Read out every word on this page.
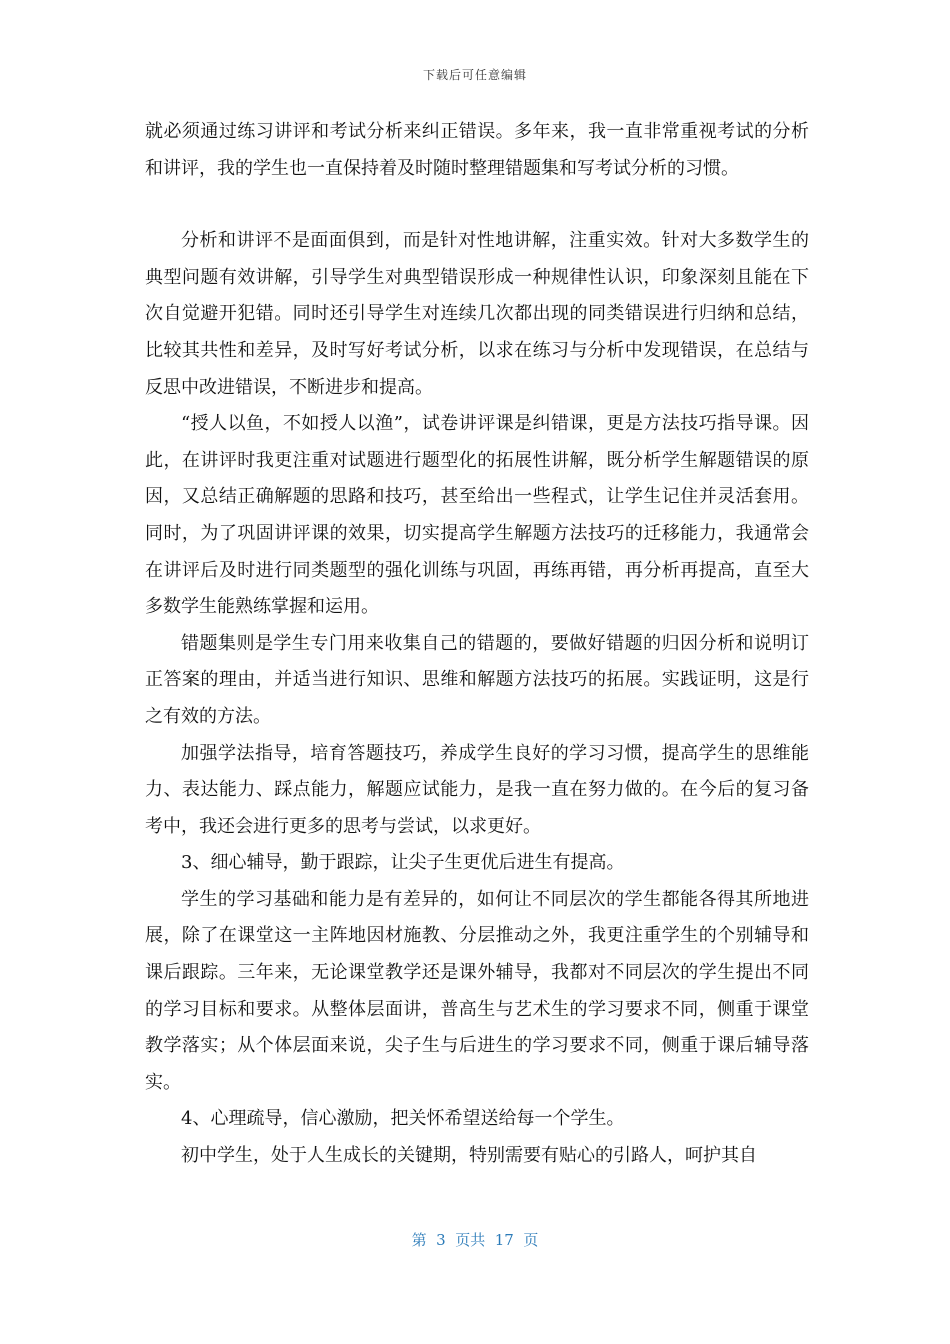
下载后可任意编辑

就必须通过练习讲评和考试分析来纠正错误。多年来，我一直非常重视考试的分析和讲评，我的学生也一直保持着及时随时整理错题集和写考试分析的习惯。

分析和讲评不是面面俱到，而是针对性地讲解，注重实效。针对大多数学生的典型问题有效讲解，引导学生对典型错误形成一种规律性认识，印象深刻且能在下次自觉避开犯错。同时还引导学生对连续几次都出现的同类错误进行归纳和总结，比较其共性和差异，及时写好考试分析，以求在练习与分析中发现错误，在总结与反思中改进错误，不断进步和提高。

“授人以鱼，不如授人以渔”，试卷讲评课是纠错课，更是方法技巧指导课。因此，在讲评时我更注重对试题进行题型化的拓展性讲解，既分析学生解题错误的原因，又总结正确解题的思路和技巧，甚至给出一些程式，让学生记住并灵活套用。同时，为了巩固讲评课的效果，切实提高学生解题方法技巧的迁移能力，我通常会在讲评后及时进行同类题型的强化训练与巩固，再练再错，再分析再提高，直至大多数学生能熟练掌握和运用。

错题集则是学生专门用来收集自己的错题的，要做好错题的归因分析和说明订正答案的理由，并适当进行知识、思维和解题方法技巧的拓展。实践证明，这是行之有效的方法。

加强学法指导，培育答题技巧，养成学生良好的学习习惯，提高学生的思维能力、表达能力、踩点能力，解题应试能力，是我一直在努力做的。在今后的复习备考中，我还会进行更多的思考与尝试，以求更好。

3、细心辅导，勤于跟踪，让尖子生更优后进生有提高。

学生的学习基础和能力是有差异的，如何让不同层次的学生都能各得其所地进展，除了在课堂这一主阵地因材施教、分层推动之外，我更注重学生的个别辅导和课后跟踪。三年来，无论课堂教学还是课外辅导，我都对不同层次的学生提出不同的学习目标和要求。从整体层面讲，普高生与艺术生的学习要求不同，侧重于课堂教学落实；从个体层面来说，尖子生与后进生的学习要求不同，侧重于课后辅导落实。

4、心理疏导，信心激励，把关怀希望送给每一个学生。

初中学生，处于人生成长的关键期，特别需要有贴心的引路人，呵护其自

第  3  页共  17  页
